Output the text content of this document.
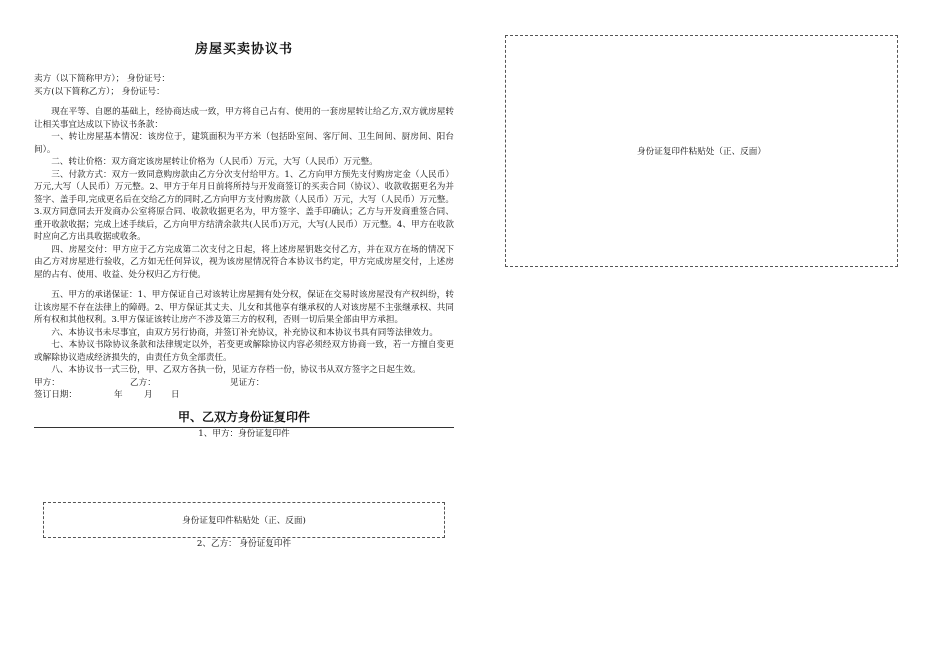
房屋买卖协议书
卖方（以下简称甲方）； 身份证号：
买方(以下简称乙方）； 身份证号：

现在平等、自愿的基础上，经协商达成一致，甲方将自己占有、使用的一套房屋转让给乙方,双方就房屋转让相关事宜达成以下协议书条款：

一、转让房屋基本情况：该房位于，建筑面积为平方米（包括卧室间、客厅间、卫生间间、厨房间、阳台间）。

二、转让价格：双方商定该房屋转让价格为（人民币）万元，大写（人民币）万元整。

三、付款方式：双方一致同意购房款由乙方分次支付给甲方。1、乙方向甲方预先支付购房定金（人民币）万元,大写（人民币）万元整。2、甲方于年月日前将所持与开发商签订的买卖合同（协议）、收款收据更名为并签字、盖手印,完成更名后在交给乙方的同时,乙方向甲方支付购房款（人民币）万元，大写（人民币）万元整。3.双方同意同去开发商办公室将原合同、收款收据更名为，甲方签字、盖手印确认；乙方与开发商重签合同、重开收款收据；完成上述手续后，乙方向甲方结清余款共(人民币)万元，大写(人民币）万元整。4、甲方在收款时应向乙方出具收据或收条。

四、房屋交付：甲方应于乙方完成第二次支付之日起，将上述房屋钥匙交付乙方，并在双方在场的情况下由乙方对房屋进行验收，乙方如无任何异议，视为该房屋情况符合本协议书约定，甲方完成房屋交付，上述房屋的占有、使用、收益、处分权归乙方行使。

五、甲方的承诺保证：1、甲方保证自己对该转让房屋拥有处分权，保证在交易时该房屋没有产权纠纷，转让该房屋不存在法律上的障碍。2、甲方保证其丈夫、儿女和其他享有继承权的人对该房屋不主张继承权、共同所有权和其他权利。3.甲方保证该转让房产不涉及第三方的权利，否则一切后果全部由甲方承担。

六、本协议书未尽事宜，由双方另行协商，并签订补充协议，补充协议和本协议书具有同等法律效力。

七、本协议书除协议条款和法律规定以外，若变更或解除协议内容必须经双方协商一致，若一方擅自变更或解除协议造成经济损失的，由责任方负全部责任。

八、本协议书一式三份，甲、乙双方各执一份，见证方存档一份，协议书从双方签字之日起生效。

甲方：	乙方：	见证方：
签订日期：	年 月 日
甲、乙双方身份证复印件
1、甲方：身份证复印件
身份证复印件粘贴处（正、反面)
2、乙方： 身份证复印件
身份证复印件粘贴处（正、反面）
